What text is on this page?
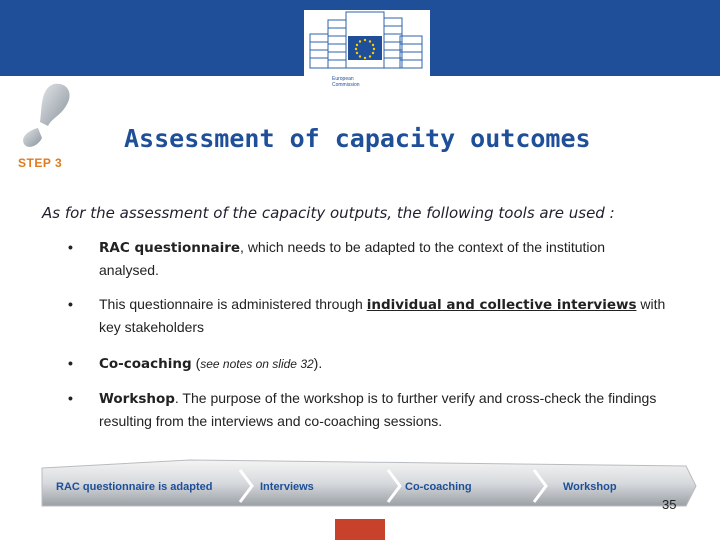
European
Commission
STEP 3
Assessment of capacity outcomes

As for the assessment of the capacity outputs, the following tools are used :

• RAC questionnaire, which needs to be adapted to the context of the institution analysed.
• This questionnaire is administered through individual and collective interviews with key stakeholders
• Co-coaching (see notes on slide 32).
• Workshop. The purpose of the workshop is to further verify and cross-check the findings resulting from the interviews and co-coaching sessions.
RAC questionnaire is adapted	Interviews	Co-coaching	Workshop
35
